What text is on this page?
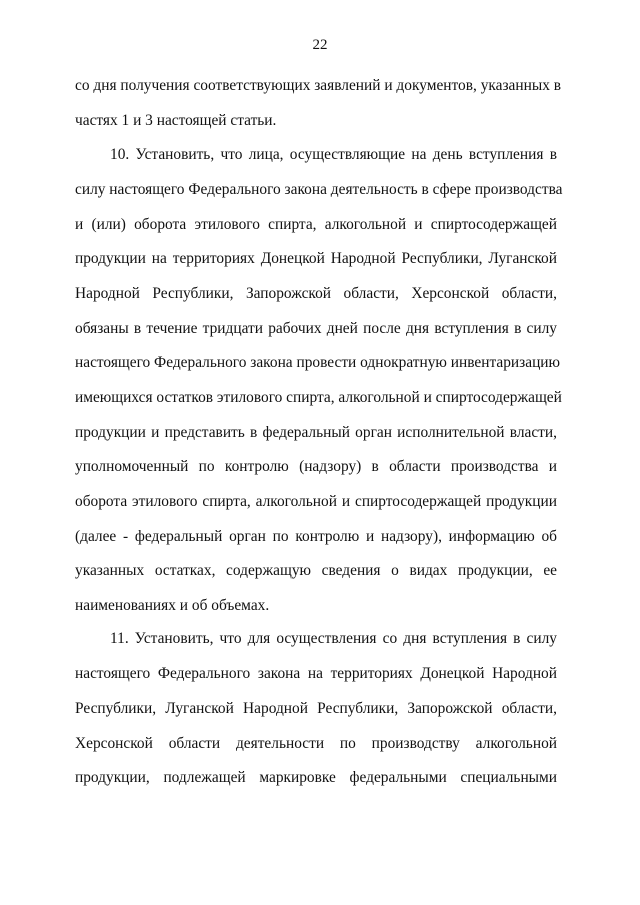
22
со дня получения соответствующих заявлений и документов, указанных в
частях 1 и 3 настоящей статьи.
10. Установить, что лица, осуществляющие на день вступления в
силу настоящего Федерального закона деятельность в сфере производства
и (или) оборота этилового спирта, алкогольной и спиртосодержащей
продукции на территориях Донецкой Народной Республики, Луганской
Народной Республики, Запорожской области, Херсонской области,
обязаны в течение тридцати рабочих дней после дня вступления в силу
настоящего Федерального закона провести однократную инвентаризацию
имеющихся остатков этилового спирта, алкогольной и спиртосодержащей
продукции и представить в федеральный орган исполнительной власти,
уполномоченный по контролю (надзору) в области производства и
оборота этилового спирта, алкогольной и спиртосодержащей продукции
(далее - федеральный орган по контролю и надзору), информацию об
указанных остатках, содержащую сведения о видах продукции, ее
наименованиях и об объемах.
11. Установить, что для осуществления со дня вступления в силу
настоящего Федерального закона на территориях Донецкой Народной
Республики, Луганской Народной Республики, Запорожской области,
Херсонской области деятельности по производству алкогольной
продукции, подлежащей маркировке федеральными специальными
